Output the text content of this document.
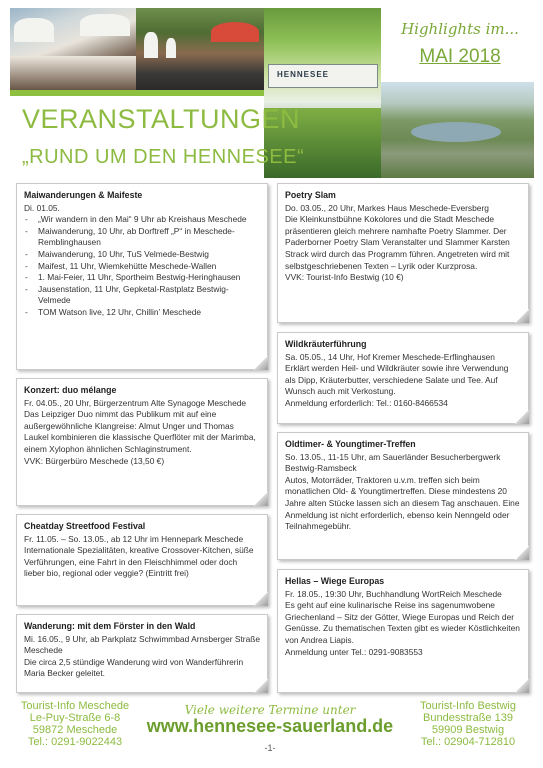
HENNESEE
Highlights im...
MAI 2018
VERANSTALTUNGEN
„RUND UM DEN HENNESEE“
Maiwanderungen & Maifeste

Di. 01.05.

- „Wir wandern in den Mai“ 9 Uhr ab Kreishaus Meschede
- Maiwanderung, 10 Uhr, ab Dorftreff „P“ in Meschede-Remblinghausen
- Maiwanderung, 10 Uhr, TuS Velmede-Bestwig
- Maifest, 11 Uhr, Wiemkehütte Meschede-Wallen
- 1. Mai-Feier, 11 Uhr, Sportheim Bestwig-Heringhausen
- Jausenstation, 11 Uhr, Gepketal-Rastplatz Bestwig-Velmede
- TOM Watson live, 12 Uhr, Chillin’ Meschede
Konzert: duo mélange

Fr. 04.05., 20 Uhr, Bürgerzentrum Alte Synagoge Meschede

Das Leipziger Duo nimmt das Publikum mit auf eine außergewöhnliche Klangreise: Almut Unger und Thomas Laukel kombinieren die klassische Querflöter mit der Marimba, einem Xylophon ähnlichen Schlaginstrument.

VVK: Bürgerbüro Meschede (13,50 €)

Cheatday Streetfood Festival

Fr. 11.05. – So. 13.05., ab 12 Uhr im Hennepark Meschede

Internationale Spezialitäten, kreative Crossover-Kitchen, süße Verführungen, eine Fahrt in den Fleischhimmel oder doch lieber bio, regional oder veggie? (Eintritt frei)

Wanderung: mit dem Förster in den Wald

Mi. 16.05., 9 Uhr, ab Parkplatz Schwimmbad Arnsberger Straße Meschede

Die circa 2,5 stündige Wanderung wird von Wanderführerin Maria Becker geleitet.

Poetry Slam

Do. 03.05., 20 Uhr, Markes Haus Meschede-Eversberg

Die Kleinkunstbühne Kokolores und die Stadt Meschede präsentieren gleich mehrere namhafte Poetry Slammer. Der Paderborner Poetry Slam Veranstalter und Slammer Karsten Strack wird durch das Programm führen. Angetreten wird mit selbstgeschriebenen Texten – Lyrik oder Kurzprosa.

VVK: Tourist-Info Bestwig (10 €)

Wildkräuterführung

Sa. 05.05., 14 Uhr, Hof Kremer Meschede-Erflinghausen

Erklärt werden Heil- und Wildkräuter sowie ihre Verwendung als Dipp, Kräuterbutter, verschiedene Salate und Tee. Auf Wunsch auch mit Verkostung.

Anmeldung erforderlich: Tel.: 0160-8466534

Oldtimer- & Youngtimer-Treffen

So. 13.05., 11-15 Uhr, am Sauerländer Besucherbergwerk Bestwig-Ramsbeck

Autos, Motorräder, Traktoren u.v.m. treffen sich beim monatlichen Old- & Youngtimertreffen. Diese mindestens 20 Jahre alten Stücke lassen sich an diesem Tag anschauen. Eine Anmeldung ist nicht erforderlich, ebenso kein Nenngeld oder Teilnahmegebühr.

Hellas – Wiege Europas

Fr. 18.05., 19:30 Uhr, Buchhandlung WortReich Meschede

Es geht auf eine kulinarische Reise ins sagenumwobene Griechenland – Sitz der Götter, Wiege Europas und Reich der Genüsse. Zu thematischen Texten gibt es wieder Köstlichkeiten von Andrea Liapis.

Anmeldung unter Tel.: 0291-9083553

Tourist-Info Meschede
Le-Puy-Straße 6-8
59872 Meschede
Tel.: 0291-9022443
Viele weitere Termine unter
www.hennesee-sauerland.de
-1-
Tourist-Info Bestwig
Bundesstraße 139
59909 Bestwig
Tel.: 02904-712810
